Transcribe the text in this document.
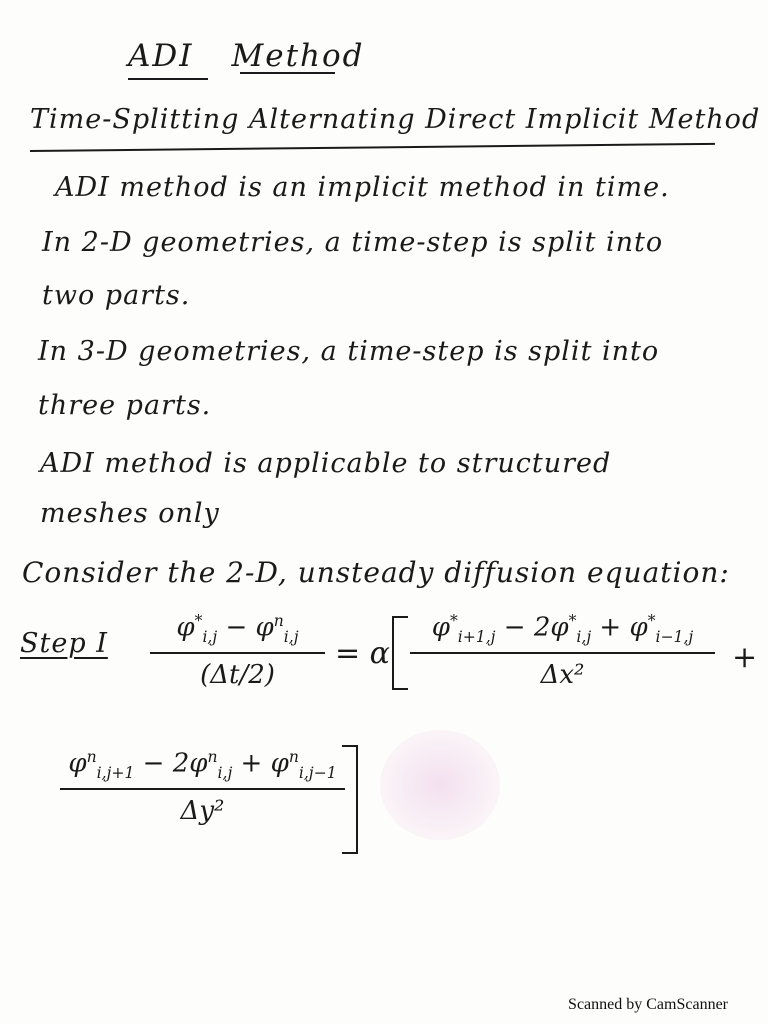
ADI Method
Time-Splitting Alternating Direct Implicit Method
ADI method is an implicit method in time.
In 2-D geometries, a time-step is split into
two parts.
In 3-D geometries, a time-step is split into
three parts.
ADI method is applicable to structured
meshes only
Consider the 2-D, unsteady diffusion equation:
Step I
$\varphi^*_{i,j} - \varphi^n_{i,j}$
(Δt/2)
= α
$\varphi^*_{i+1,j} - 2\varphi^*_{i,j} + \varphi^*_{i-1,j}$
Δx²	+
$\varphi^n_{i,j+1} - 2\varphi^n_{i,j} + \varphi^n_{i,j-1}$
Δy²
Scanned by CamScanner
